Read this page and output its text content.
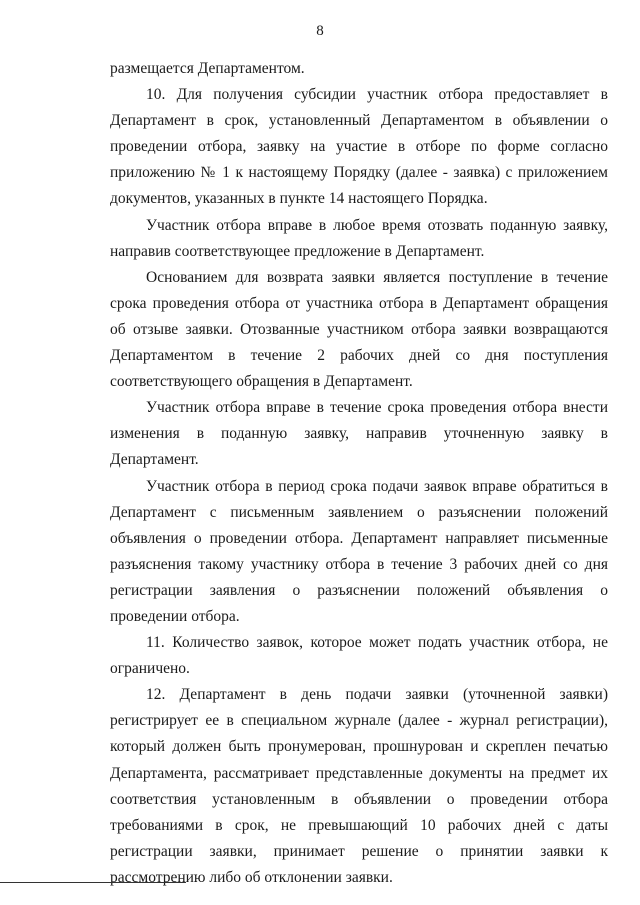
8

размещается Департаментом.

10. Для получения субсидии участник отбора предоставляет в Департамент в срок, установленный Департаментом в объявлении о проведении отбора, заявку на участие в отборе по форме согласно приложению № 1 к настоящему Порядку (далее - заявка) с приложением документов, указанных в пункте 14 настоящего Порядка.

Участник отбора вправе в любое время отозвать поданную заявку, направив соответствующее предложение в Департамент.

Основанием для возврата заявки является поступление в течение срока проведения отбора от участника отбора в Департамент обращения об отзыве заявки. Отозванные участником отбора заявки возвращаются Департаментом в течение 2 рабочих дней со дня поступления соответствующего обращения в Департамент.

Участник отбора вправе в течение срока проведения отбора внести изменения в поданную заявку, направив уточненную заявку в Департамент.

Участник отбора в период срока подачи заявок вправе обратиться в Департамент с письменным заявлением о разъяснении положений объявления о проведении отбора. Департамент направляет письменные разъяснения такому участнику отбора в течение 3 рабочих дней со дня регистрации заявления о разъяснении положений объявления о проведении отбора.

11. Количество заявок, которое может подать участник отбора, не ограничено.

12. Департамент в день подачи заявки (уточненной заявки) регистрирует ее в специальном журнале (далее - журнал регистрации), который должен быть пронумерован, прошнурован и скреплен печатью Департамента, рассматривает представленные документы на предмет их соответствия установленным в объявлении о проведении отбора требованиями в срок, не превышающий 10 рабочих дней с даты регистрации заявки, принимает решение о принятии заявки к рассмотрению либо об отклонении заявки.
